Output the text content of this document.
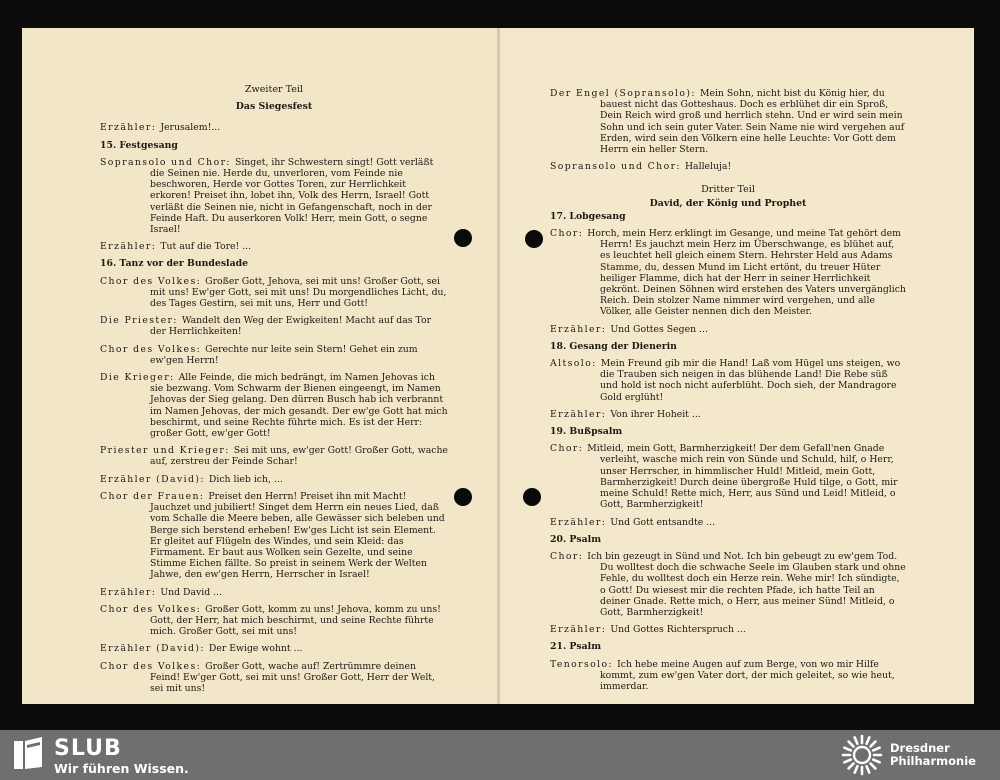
Zweiter Teil
Das Siegesfest
Erzähler: Jerusalem!...
15. Festgesang
Sopransolo und Chor: Singet, ihr Schwestern singt! Gott verläßt die Seinen nie. Herde du, unverloren, vom Feinde nie beschworen, Herde vor Gottes Toren, zur Herrlichkeit erkoren! Preiset ihn, lobet ihn, Volk des Herrn, Israel! Gott verläßt die Seinen nie, nicht in Gefangenschaft, noch in der Feinde Haft. Du auserkoren Volk! Herr, mein Gott, o segne Israel!
Erzähler: Tut auf die Tore! ...
16. Tanz vor der Bundeslade
Chor des Volkes: Großer Gott, Jehova, sei mit uns! Großer Gott, sei mit uns! Ew'ger Gott, sei mit uns! Du morgendliches Licht, du, des Tages Gestirn, sei mit uns, Herr und Gott!
Die Priester: Wandelt den Weg der Ewigkeiten! Macht auf das Tor der Herrlichkeiten!
Chor des Volkes: Gerechte nur leite sein Stern! Gehet ein zum ew'gen Herrn!
Die Krieger: Alle Feinde, die mich bedrängt, im Namen Jehovas ich sie bezwang. Vom Schwarm der Bienen eingeengt, im Namen Jehovas der Sieg gelang. Den dürren Busch hab ich verbrannt im Namen Jehovas, der mich gesandt. Der ew'ge Gott hat mich beschirmt, und seine Rechte führte mich. Es ist der Herr: großer Gott, ew'ger Gott!
Priester und Krieger: Sei mit uns, ew'ger Gott! Großer Gott, wache auf, zerstreu der Feinde Schar!
Erzähler (David): Dich lieb ich, ...
Chor der Frauen: Preiset den Herrn! Preiset ihn mit Macht! Jauchzet und jubiliert! Singet dem Herrn ein neues Lied, daß vom Schalle die Meere beben, alle Gewässer sich beleben und Berge sich berstend erheben! Ew'ges Licht ist sein Element. Er gleitet auf Flügeln des Windes, und sein Kleid: das Firmament. Er baut aus Wolken sein Gezelte, und seine Stimme Eichen fällte. So preist in seinem Werk der Welten Jahwe, den ew'gen Herrn, Herrscher in Israel!
Erzähler: Und David ...
Chor des Volkes: Großer Gott, komm zu uns! Jehova, komm zu uns! Gott, der Herr, hat mich beschirmt, und seine Rechte führte mich. Großer Gott, sei mit uns!
Erzähler (David): Der Ewige wohnt ...
Chor des Volkes: Großer Gott, wache auf! Zertrümmre deinen Feind! Ew'ger Gott, sei mit uns! Großer Gott, Herr der Welt, sei mit uns!
Der Engel (Sopransolo): Mein Sohn, nicht bist du König hier, du bauest nicht das Gotteshaus. Doch es erblühet dir ein Sproß, Dein Reich wird groß und herrlich stehn. Und er wird sein mein Sohn und ich sein guter Vater. Sein Name nie wird vergehen auf Erden, wird sein den Völkern eine helle Leuchte: Vor Gott dem Herrn ein heller Stern.
Sopransolo und Chor: Halleluja!
Dritter Teil
David, der König und Prophet
17. Lobgesang
Chor: Horch, mein Herz erklingt im Gesange, und meine Tat gehört dem Herrn! Es jauchzt mein Herz im Überschwange, es blühet auf, es leuchtet hell gleich einem Stern. Hehrster Held aus Adams Stamme, du, dessen Mund im Licht ertönt, du treuer Hüter heiliger Flamme, dich hat der Herr in seiner Herrlichkeit gekrönt. Deinen Söhnen wird erstehen des Vaters unvergänglich Reich. Dein stolzer Name nimmer wird vergehen, und alle Völker, alle Geister nennen dich den Meister.
Erzähler: Und Gottes Segen ...
18. Gesang der Dienerin
Altsolo: Mein Freund gib mir die Hand! Laß vom Hügel uns steigen, wo die Trauben sich neigen in das blühende Land! Die Rebe süß und hold ist noch nicht auferblüht. Doch sieh, der Mandragore Gold erglüht!
Erzähler: Von ihrer Hoheit ...
19. Bußpsalm
Chor: Mitleid, mein Gott, Barmherzigkeit! Der dem Gefall'nen Gnade verleiht, wasche mich rein von Sünde und Schuld, hilf, o Herr, unser Herrscher, in himmlischer Huld! Mitleid, mein Gott, Barmherzigkeit! Durch deine übergroße Huld tilge, o Gott, mir meine Schuld! Rette mich, Herr, aus Sünd und Leid! Mitleid, o Gott, Barmherzigkeit!
Erzähler: Und Gott entsandte ...
20. Psalm
Chor: Ich bin gezeugt in Sünd und Not. Ich bin gebeugt zu ew'gem Tod. Du wolltest doch die schwache Seele im Glauben stark und ohne Fehle, du wolltest doch ein Herze rein. Wehe mir! Ich sündigte, o Gott! Du wiesest mir die rechten Pfade, ich hatte Teil an deiner Gnade. Rette mich, o Herr, aus meiner Sünd! Mitleid, o Gott, Barmherzigkeit!
Erzähler: Und Gottes Richterspruch ...
21. Psalm
Tenorsolo: Ich hebe meine Augen auf zum Berge, von wo mir Hilfe kommt, zum ew'gen Vater dort, der mich geleitet, so wie heut, immerdar.
SLUB
Wir führen Wissen.
Dresdner
Philharmonie
